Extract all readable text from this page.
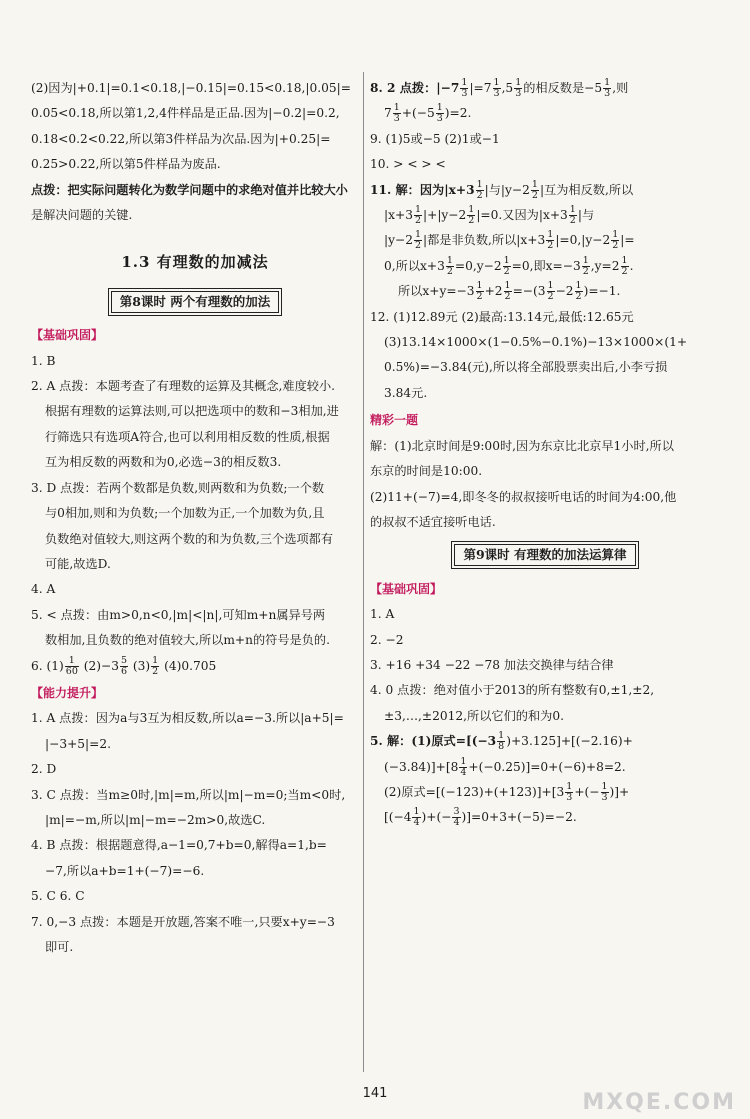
(2)因为|+0.1|=0.1<0.18,|−0.15|=0.15<0.18,|0.05|=

0.05<0.18,所以第1,2,4件样品是正品.因为|−0.2|=0.2,

0.18<0.2<0.22,所以第3件样品为次品.因为|+0.25|=

0.25>0.22,所以第5件样品为废品.

点拨：把实际问题转化为数学问题中的求绝对值并比较大小

是解决问题的关键.

1.3 有理数的加减法
第8课时 两个有理数的加法

【基础巩固】

1. B

2. A 点拨：本题考查了有理数的运算及其概念,难度较小.

根据有理数的运算法则,可以把选项中的数和−3相加,进

行筛选只有选项A符合,也可以利用相反数的性质,根据

互为相反数的两数和为0,必选−3的相反数3.

3. D 点拨：若两个数都是负数,则两数和为负数;一个数

与0相加,则和为负数;一个加数为正,一个加数为负,且

负数绝对值较大,则这两个数的和为负数,三个选项都有

可能,故选D.

4. A

5. < 点拨：由m>0,n<0,|m|<|n|,可知m+n属异号两

数相加,且负数的绝对值较大,所以m+n的符号是负的.

6. $(1) \frac{1}{60} (2)-3 \frac{5}{6} (3) \frac{1}{2} (4)0.705$

【能力提升】

1. A 点拨：因为a与3互为相反数,所以a=−3.所以|a+5|=

|−3+5|=2.

2. D

3. C 点拨：当m≥0时,|m|=m,所以|m|−m=0;当m<0时,

|m|=−m,所以|m|−m=−2m>0,故选C.

4. B 点拨：根据题意得,a−1=0,7+b=0,解得a=1,b=

−7,所以a+b=1+(−7)=−6.

5. C 6. C

7. 0,−3 点拨：本题是开放题,答案不唯一,只要x+y=−3

即可.

8. 2 点拨：$|-7 \frac{1}{3} |=7 \frac{1}{3} ,5 \frac{1}{3}$ 的相反数是$-5 \frac{1}{3}$ ,则

$7 \frac{1}{3} +(-5 \frac{1}{3} )=2$.

9. (1)5或−5 (2)1或−1

10. > < > <

11. 解：因为$|x+3 \frac{1}{2}$ |与$|y-2 \frac{1}{2}$ |互为相反数,所以

$|x+3 \frac{1}{2} |+|y-2 \frac{1}{2} |=0$.又因为$|x+3 \frac{1}{2}$ |与

$|y-2 \frac{1}{2}$ |都是非负数,所以$|x+3 \frac{1}{2} |=0,|y-2 \frac{1}{2}$ |=

0,所以$x+3 \frac{1}{2} =0,y-2 \frac{1}{2} =0$,即$x=-3 \frac{1}{2} ,y=2 \frac{1}{2}$ .

所以$x+y=-3 \frac{1}{2} +2 \frac{1}{2} =-(3 \frac{1}{2} -2 \frac{1}{2} )=-1$.

12. (1)12.89元 (2)最高:13.14元,最低:12.65元

(3)13.14×1000×(1−0.5%−0.1%)−13×1000×(1+

0.5%)=−3.84(元),所以将全部股票卖出后,小李亏损

3.84元.

精彩一题

解：(1)北京时间是9:00时,因为东京比北京早1小时,所以

东京的时间是10:00.

(2)11+(−7)=4,即冬冬的叔叔接听电话的时间为4:00,他

的叔叔不适宜接听电话.

第9课时 有理数的加法运算律

【基础巩固】

1. A

2. −2

3. +16 +34 −22 −78 加法交换律与结合律

4. 0 点拨：绝对值小于2013的所有整数有0,±1,±2,

±3,…,±2012,所以它们的和为0.

5. 解：(1)原式$=[(-3 \frac{1}{8} )+3.125]+[(-2.16)+$

$(-3.84)]+[8 \frac{1}{4} +(-0.25)]=0+(-6)+8=2$.

(2)原式$=[(-123)+(+123)]+[3 \frac{1}{3}$ +(− $\frac{1}{3}$ )]+

[($-4 \frac{1}{4}$ )+(− $\frac{3}{4} )]=0+3+(-5)=-2$.

141	MXQE.COM
